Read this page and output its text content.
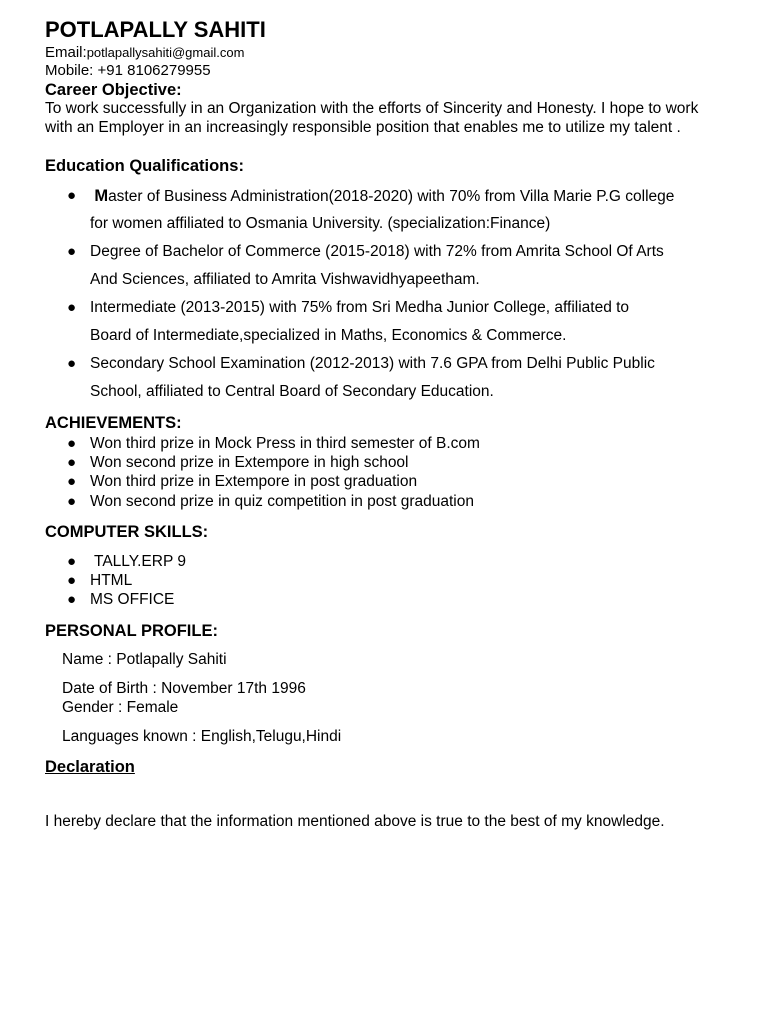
POTLAPALLY SAHITI
Email:potlapallysahiti@gmail.com
Mobile: +91 8106279955
Career Objective:
To work successfully in an Organization with the efforts of Sincerity and Honesty. I hope to work with an Employer in an increasingly responsible position that enables me to utilize my talent .
Education Qualifications:
● Master of Business Administration(2018-2020) with 70% from Villa Marie P.G college
for women affiliated to Osmania University. (specialization:Finance)
● Degree of Bachelor of Commerce (2015-2018) with 72% from Amrita School Of Arts
And Sciences, affiliated to Amrita Vishwavidhyapeetham.
● Intermediate (2013-2015) with 75% from Sri Medha Junior College, affiliated to
Board of Intermediate,specialized in Maths, Economics & Commerce.
● Secondary School Examination (2012-2013) with 7.6 GPA from Delhi Public Public
School, affiliated to Central Board of Secondary Education.
ACHIEVEMENTS:
● Won third prize in Mock Press in third semester of B.com
● Won second prize in Extempore in high school
● Won third prize in Extempore in post graduation
● Won second prize in quiz competition in post graduation
COMPUTER SKILLS:
● TALLY.ERP 9
● HTML
● MS OFFICE
PERSONAL PROFILE:
Name : Potlapally Sahiti
Date of Birth : November 17th 1996
Gender : Female
Languages known : English,Telugu,Hindi
Declaration
I hereby declare that the information mentioned above is true to the best of my knowledge.
